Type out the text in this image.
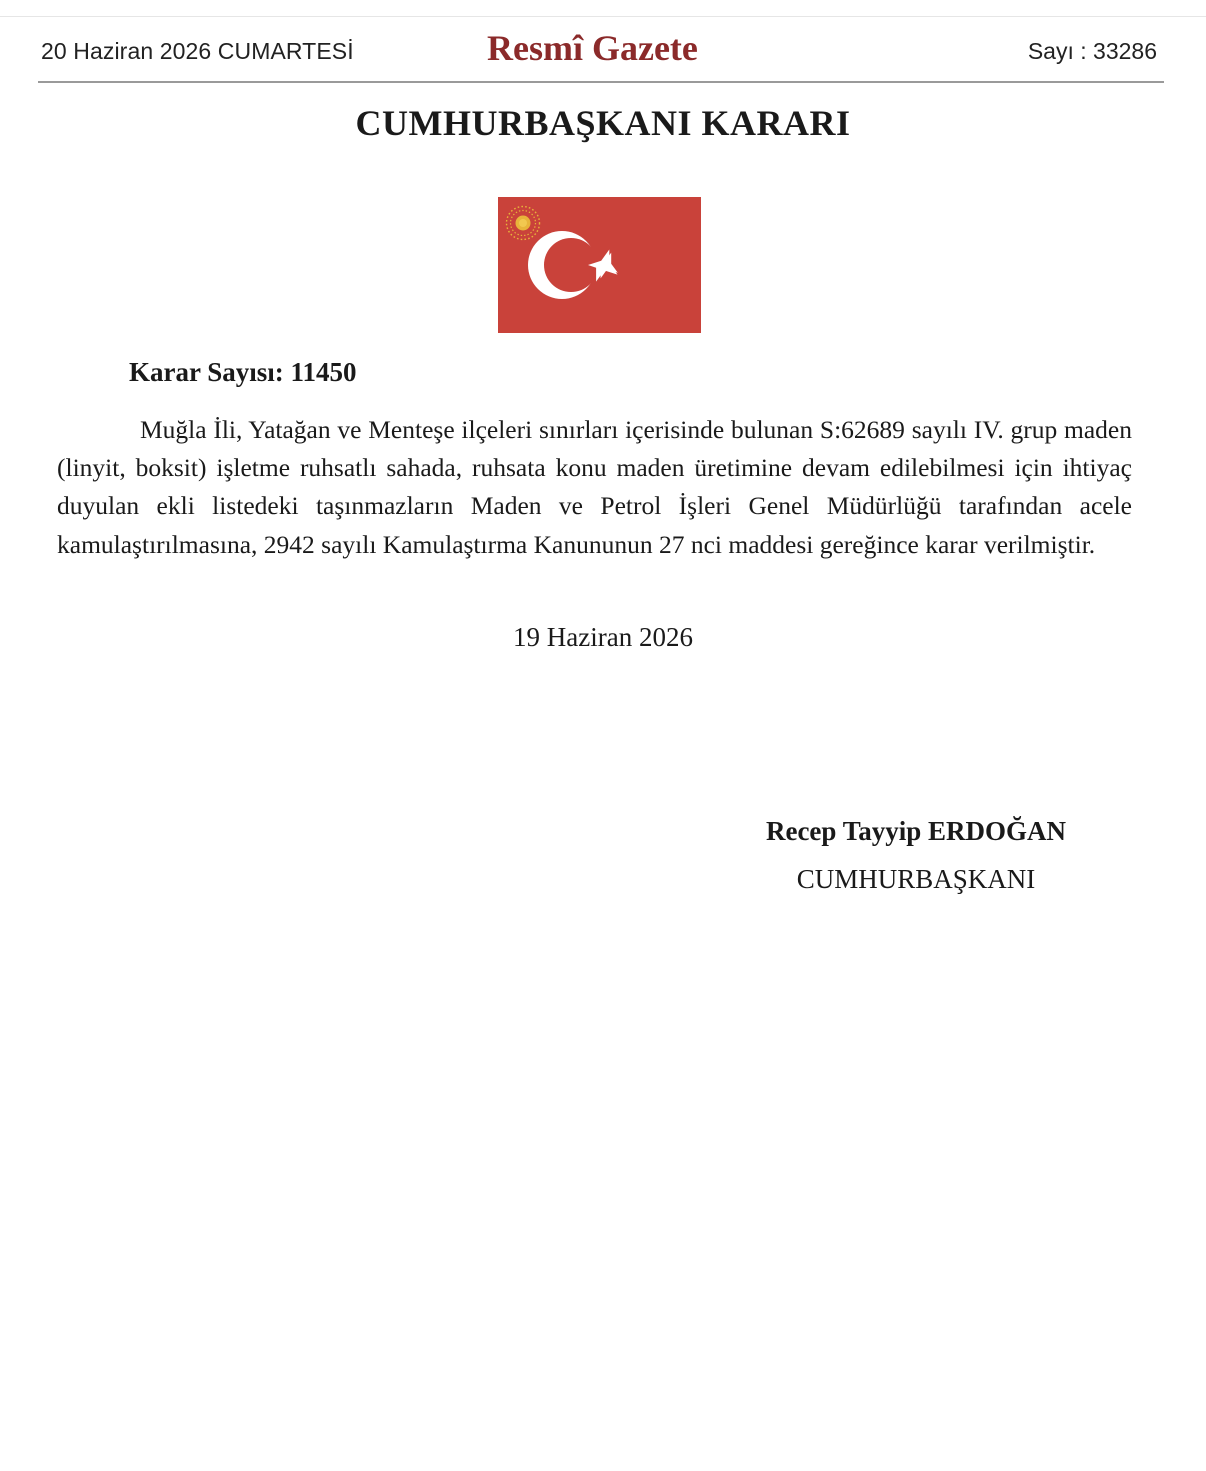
20 Haziran 2026 CUMARTESİ	Resmî Gazete	Sayı : 33286
CUMHURBAŞKANI KARARI
Karar Sayısı: 11450

Muğla İli, Yatağan ve Menteşe ilçeleri sınırları içerisinde bulunan S:62689 sayılı IV. grup maden (linyit, boksit) işletme ruhsatlı sahada, ruhsata konu maden üretimine devam edilebilmesi için ihtiyaç duyulan ekli listedeki taşınmazların Maden ve Petrol İşleri Genel Müdürlüğü tarafından acele kamulaştırılmasına, 2942 sayılı Kamulaştırma Kanununun 27 nci maddesi gereğince karar verilmiştir.

19 Haziran 2026
Recep Tayyip ERDOĞAN
CUMHURBAŞKANI
